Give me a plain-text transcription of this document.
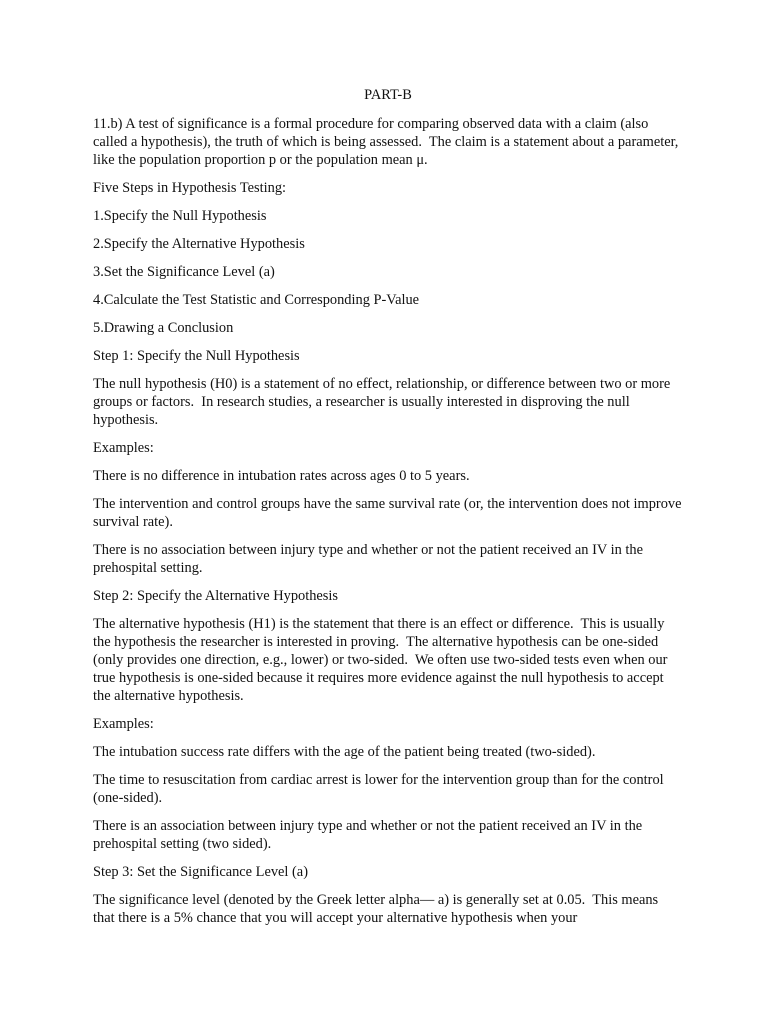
PART-B

11.b) A test of significance is a formal procedure for comparing observed data with a claim (also called a hypothesis), the truth of which is being assessed.  The claim is a statement about a parameter, like the population proportion p or the population mean μ.

Five Steps in Hypothesis Testing:

1.Specify the Null Hypothesis

2.Specify the Alternative Hypothesis

3.Set the Significance Level (a)

4.Calculate the Test Statistic and Corresponding P-Value

5.Drawing a Conclusion

Step 1: Specify the Null Hypothesis

The null hypothesis (H0) is a statement of no effect, relationship, or difference between two or more groups or factors.  In research studies, a researcher is usually interested in disproving the null hypothesis.

Examples:

There is no difference in intubation rates across ages 0 to 5 years.

The intervention and control groups have the same survival rate (or, the intervention does not improve survival rate).

There is no association between injury type and whether or not the patient received an IV in the prehospital setting.

Step 2: Specify the Alternative Hypothesis

The alternative hypothesis (H1) is the statement that there is an effect or difference.  This is usually the hypothesis the researcher is interested in proving.  The alternative hypothesis can be one-sided (only provides one direction, e.g., lower) or two-sided.  We often use two-sided tests even when our true hypothesis is one-sided because it requires more evidence against the null hypothesis to accept the alternative hypothesis.

Examples:

The intubation success rate differs with the age of the patient being treated (two-sided).

The time to resuscitation from cardiac arrest is lower for the intervention group than for the control (one-sided).

There is an association between injury type and whether or not the patient received an IV in the prehospital setting (two sided).

Step 3: Set the Significance Level (a)

The significance level (denoted by the Greek letter alpha— a) is generally set at 0.05.  This means that there is a 5% chance that you will accept your alternative hypothesis when your
